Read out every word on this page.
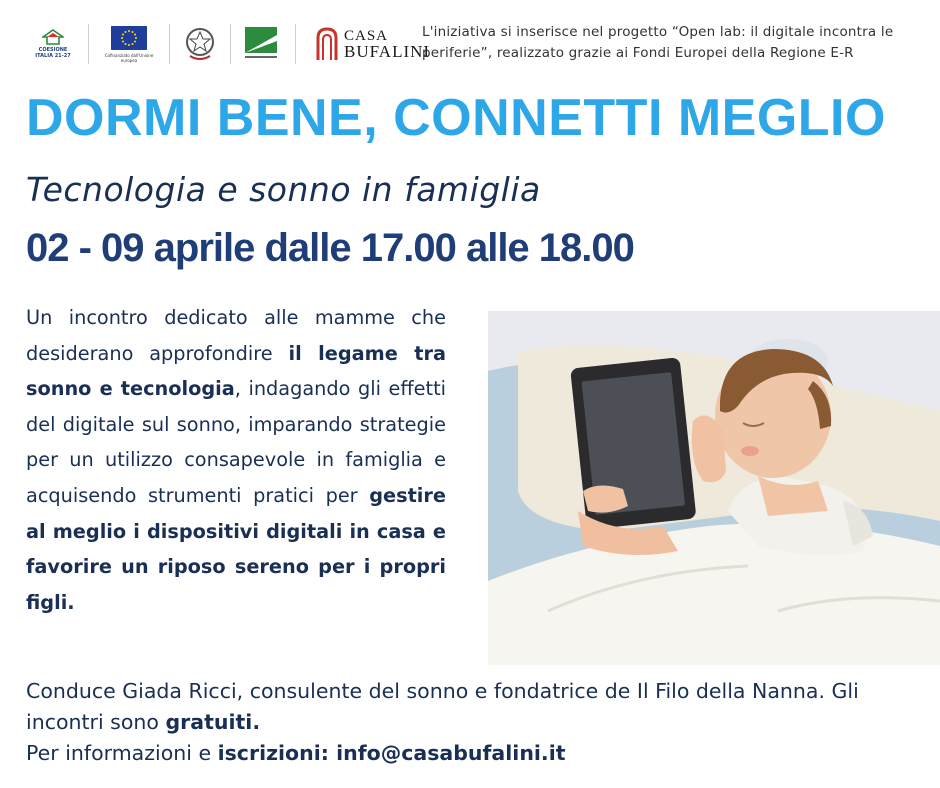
COESIONE ITALIA 21-27	Cofinanziato dall'Unione europea
CASA
BUFALINI
L'iniziativa si inserisce nel progetto “Open lab: il digitale incontra le periferie”, realizzato grazie ai Fondi Europei della Regione E-R
DORMI BENE, CONNETTI MEGLIO
Tecnologia e sonno in famiglia
02 - 09 aprile dalle 17.00 alle 18.00
Un incontro dedicato alle mamme che desiderano approfondire il legame tra sonno e tecnologia, indagando gli effetti del digitale sul sonno, imparando strategie per un utilizzo consapevole in famiglia e acquisendo strumenti pratici per gestire al meglio i dispositivi digitali in casa e favorire un riposo sereno per i propri figli.
Conduce Giada Ricci, consulente del sonno e fondatrice de Il Filo della Nanna. Gli incontri sono gratuiti.
Per informazioni e iscrizioni: info@casabufalini.it
